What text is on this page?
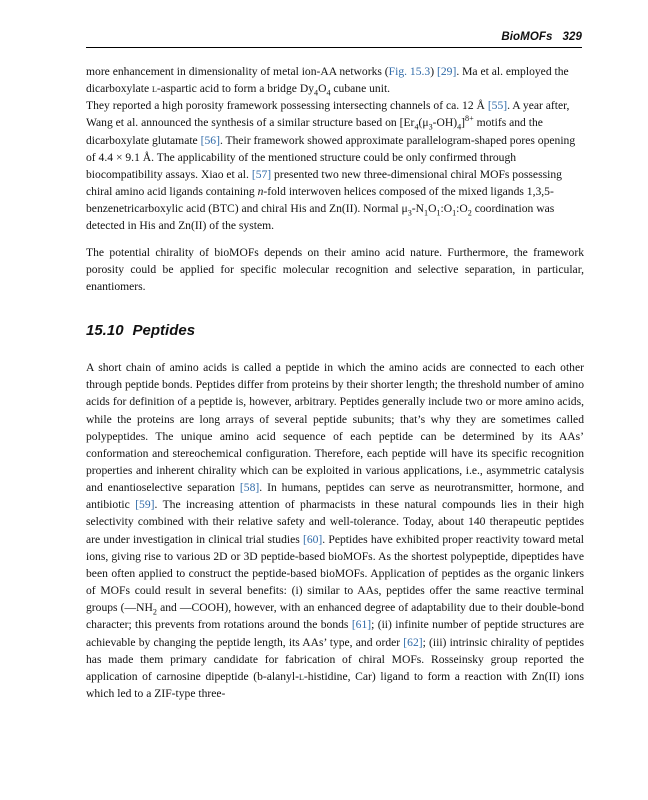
BioMOFs 329

more enhancement in dimensionality of metal ion-AA networks (Fig. 15.3) [29]. Ma et al. employed the dicarboxylate l-aspartic acid to form a bridge $Dy_4O_4$ cubane unit.
They reported a high porosity framework possessing intersecting channels of ca. 12 Å [55]. A year after, Wang et al. announced the synthesis of a similar structure based on $[Er_4(\mu_3-OH)_4]^{8+}$ motifs and the dicarboxylate glutamate [56]. Their framework showed approximate parallelogram-shaped pores opening of 4.4 × 9.1 Å. The applicability of the mentioned structure could be only confirmed through biocompatibility assays. Xiao et al. [57] presented two new three-dimensional chiral MOFs possessing chiral amino acid ligands containing n-fold interwoven helices composed of the mixed ligands 1,3,5-benzenetricarboxylic acid (BTC) and chiral His and Zn(II). Normal $\mu_3-N_1O_1:O_1:O_2$ coordination was detected in His and Zn(II) of the system.

The potential chirality of bioMOFs depends on their amino acid nature. Furthermore, the framework porosity could be applied for specific molecular recognition and selective separation, in particular, enantiomers.

15.10 Peptides

A short chain of amino acids is called a peptide in which the amino acids are connected to each other through peptide bonds. Peptides differ from proteins by their shorter length; the threshold number of amino acids for definition of a peptide is, however, arbitrary. Peptides generally include two or more amino acids, while the proteins are long arrays of several peptide subunits; that’s why they are sometimes called polypeptides. The unique amino acid sequence of each peptide can be determined by its AAs’ conformation and stereochemical configuration. Therefore, each peptide will have its specific recognition properties and inherent chirality which can be exploited in various applications, i.e., asymmetric catalysis and enantioselective separation [58]. In humans, peptides can serve as neurotransmitter, hormone, and antibiotic [59]. The increasing attention of pharmacists in these natural compounds lies in their high selectivity combined with their relative safety and well-tolerance. Today, about 140 therapeutic peptides are under investigation in clinical trial studies [60]. Peptides have exhibited proper reactivity toward metal ions, giving rise to various 2D or 3D peptide-based bioMOFs. As the shortest polypeptide, dipeptides have been often applied to construct the peptide-based bioMOFs. Application of peptides as the organic linkers of MOFs could result in several benefits: (i) similar to AAs, peptides offer the same reactive terminal groups ($—NH_2$ and —COOH), however, with an enhanced degree of adaptability due to their double-bond character; this prevents from rotations around the bonds [61]; (ii) infinite number of peptide structures are achievable by changing the peptide length, its AAs’ type, and order [62]; (iii) intrinsic chirality of peptides has made them primary candidate for fabrication of chiral MOFs. Rosseinsky group reported the application of carnosine dipeptide (b-alanyl-l-histidine, Car) ligand to form a reaction with Zn(II) ions which led to a ZIF-type three-
